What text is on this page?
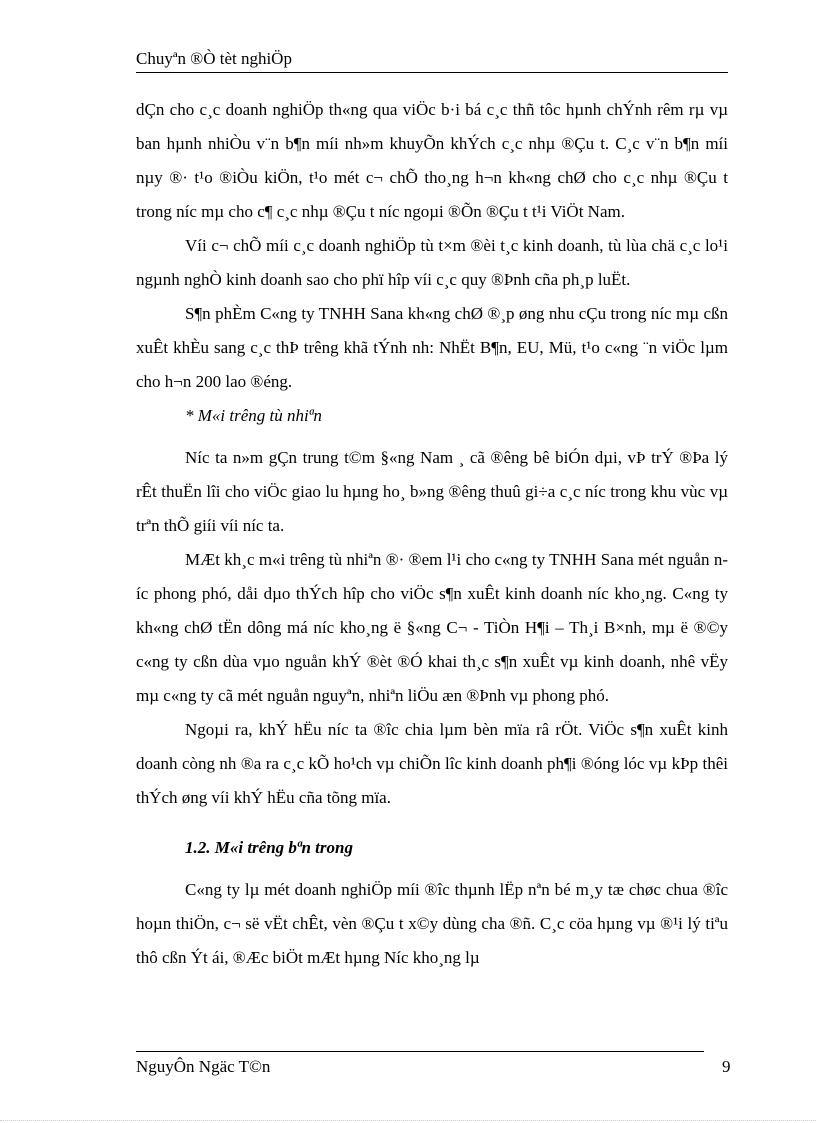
Chuyªn ®Ò tèt nghiÖp

dÇn cho c¸c doanh nghiÖp th«ng qua viÖc b·i bá c¸c thñ tôc hµnh chÝnh rêm rµ vµ ban hµnh nhiÒu v¨n b¶n míi nh»m khuyÕn khÝch c¸c nhµ ®Çu t. C¸c v¨n b¶n míi nµy ®· t¹o ®iÒu kiÖn, t¹o mét c¬ chÕ tho¸ng h¬n kh«ng chØ cho c¸c nhµ ®Çu t trong níc mµ cho c¶ c¸c nhµ ®Çu t níc ngoµi ®Õn ®Çu t t¹i ViÖt Nam.

Víi c¬ chÕ míi c¸c doanh nghiÖp tù t×m ®èi t¸c kinh doanh, tù lùa chä c¸c lo¹i ngµnh nghÒ kinh doanh sao cho phï hîp víi c¸c quy ®Þnh cña ph¸p luËt.

S¶n phÈm C«ng ty TNHH Sana kh«ng chØ ®¸p øng nhu cÇu trong níc mµ cßn xuÊt khÈu sang c¸c thÞ trêng khã tÝnh nh: NhËt B¶n, EU, Mü, t¹o c«ng ¨n viÖc lµm cho h¬n 200 lao ®éng.

* M«i trêng tù nhiªn

Níc ta n»m gÇn trung t©m §«ng Nam ¸ cã ®êng bê biÓn dµi, vÞ trÝ ®Þa lý rÊt thuËn lîi cho viÖc giao lu hµng ho¸ b»ng ®êng thuû gi÷a c¸c níc trong khu vùc vµ trªn thÕ giíi víi níc ta.

MÆt kh¸c m«i trêng tù nhiªn ®· ®em l¹i cho c«ng ty TNHH Sana mét nguån níc phong phó, dåi dµo thÝch hîp cho viÖc s¶n xuÊt kinh doanh níc kho¸ng. C«ng ty kh«ng chØ tËn dông má níc kho¸ng ë §«ng C¬ - TiÒn H¶i – Th¸i B×nh, mµ ë ®©y c«ng ty cßn dùa vµo nguån khÝ ®èt ®Ó khai th¸c s¶n xuÊt vµ kinh doanh, nhê vËy mµ c«ng ty cã mét nguån nguyªn, nhiªn liÖu æn ®Þnh vµ phong phó.

Ngoµi ra, khÝ hËu níc ta ®îc chia lµm bèn mïa râ rÖt. ViÖc s¶n xuÊt kinh doanh còng nh ®a ra c¸c kÕ ho¹ch vµ chiÕn lîc kinh doanh ph¶i ®óng lóc vµ kÞp thêi thÝch øng víi khÝ hËu cña tõng mïa.

1.2. M«i trêng bªn trong

C«ng ty lµ mét doanh nghiÖp míi ®îc thµnh lËp nªn bé m¸y tæ chøc chua ®îc hoµn thiÖn, c¬ së vËt chÊt, vèn ®Çu t x©y dùng cha ®ñ. C¸c cöa hµng vµ ®¹i lý tiªu thô cßn Ýt ái, ®Æc biÖt mÆt hµng Níc kho¸ng lµ

NguyÔn Ngäc T©n	9
